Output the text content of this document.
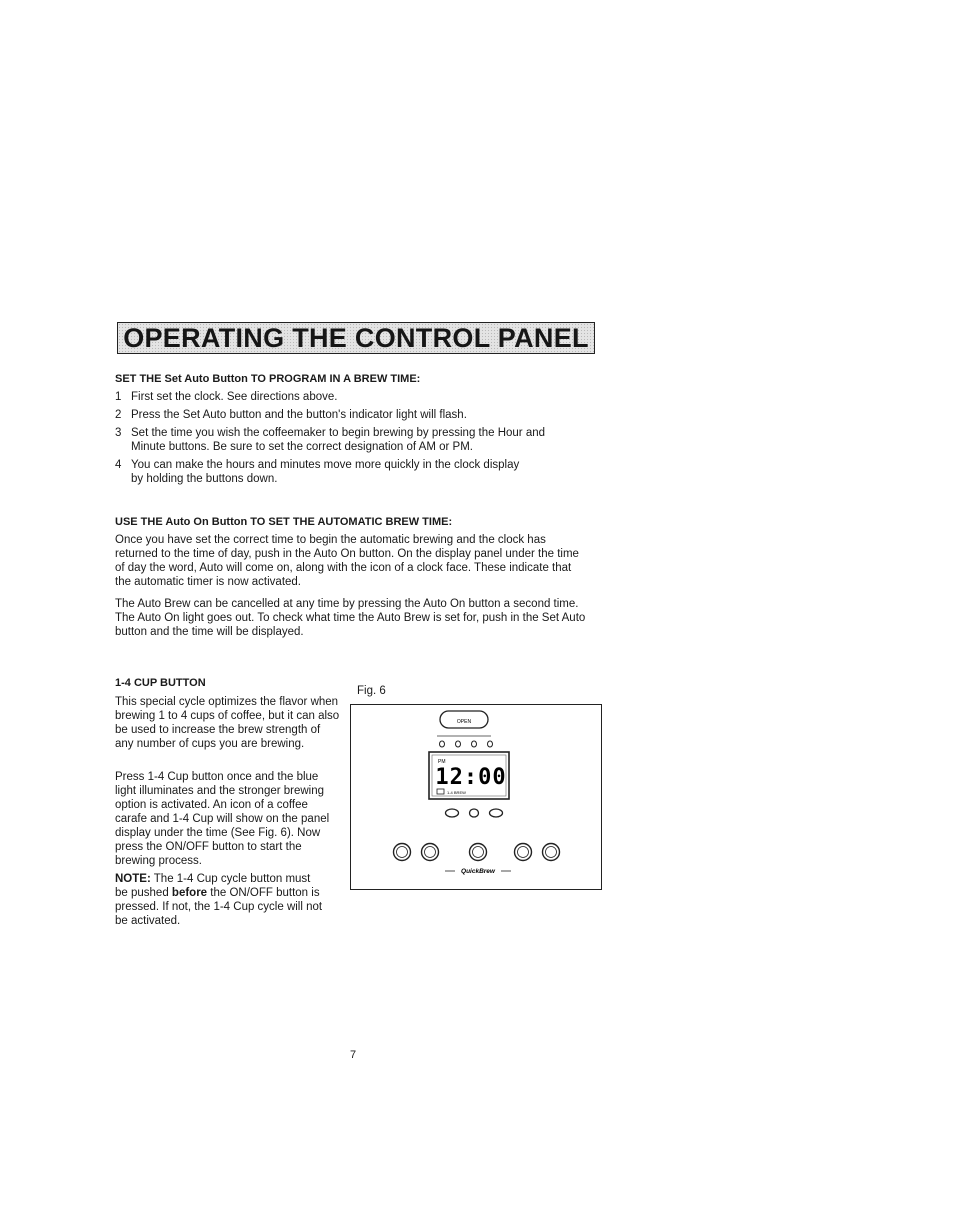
OPERATING THE CONTROL PANEL
SET THE Set Auto Button TO PROGRAM IN A BREW TIME:
1 First set the clock. See directions above.
2 Press the Set Auto button and the button's indicator light will flash.
3 Set the time you wish the coffeemaker to begin brewing by pressing the Hour and Minute buttons. Be sure to set the correct designation of AM or PM.
4 You can make the hours and minutes move more quickly in the clock display by holding the buttons down.
USE THE Auto On Button TO SET THE AUTOMATIC BREW TIME:
Once you have set the correct time to begin the automatic brewing and the clock has returned to the time of day, push in the Auto On button. On the display panel under the time of day the word, Auto will come on, along with the icon of a clock face. These indicate that the automatic timer is now activated.
The Auto Brew can be cancelled at any time by pressing the Auto On button a second time. The Auto On light goes out. To check what time the Auto Brew is set for, push in the Set Auto button and the time will be displayed.
1-4 CUP BUTTON
This special cycle optimizes the flavor when brewing 1 to 4 cups of coffee, but it can also be used to increase the brew strength of any number of cups you are brewing.
Press 1-4 Cup button once and the blue light illuminates and the stronger brewing option is activated. An icon of a coffee carafe and 1-4 Cup will show on the panel display under the time (See Fig. 6). Now press the ON/OFF button to start the brewing process.
NOTE: The 1-4 Cup cycle button must be pushed before the ON/OFF button is pressed. If not, the 1-4 Cup cycle will not be activated.
Fig. 6
OPEN
PM
12:00
1-4 BREW
QuickBrew
7
